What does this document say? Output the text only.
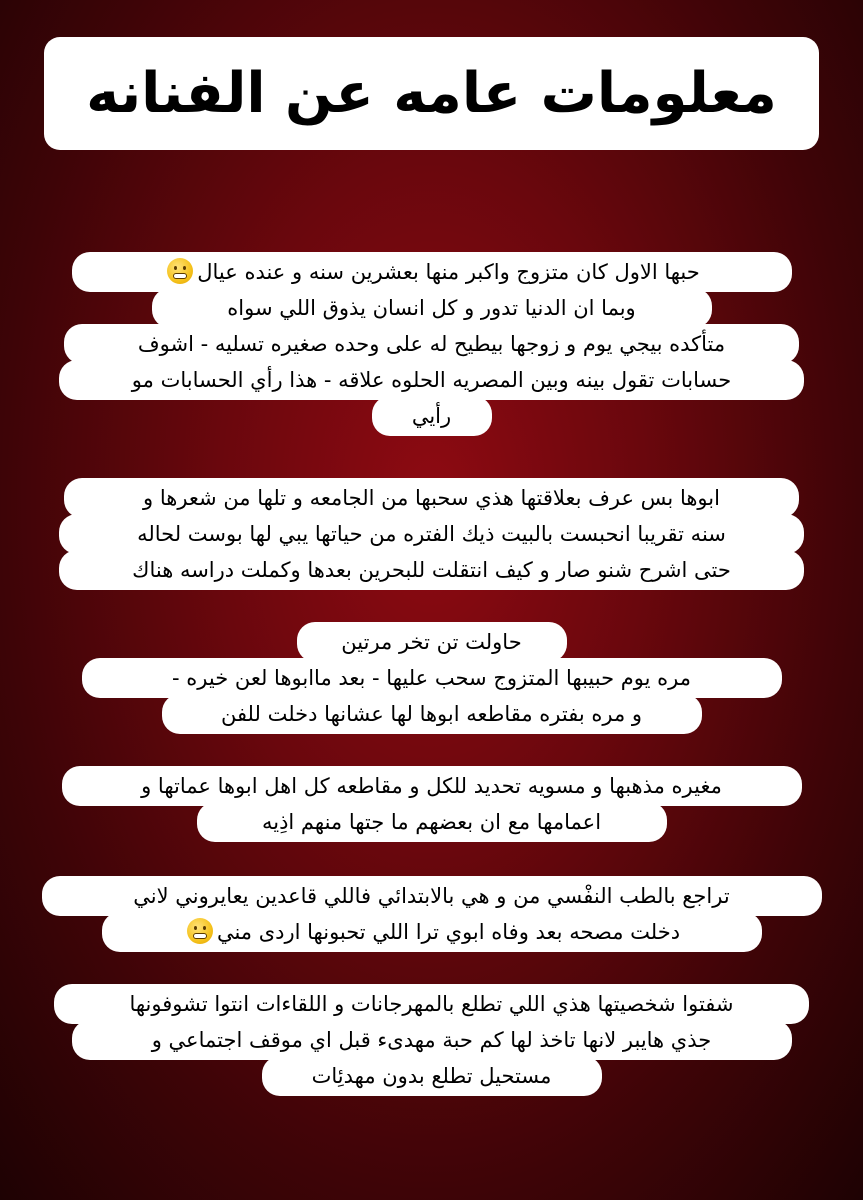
معلومات عامه عن الفنانه
حبها الاول كان متزوج واكبر منها بعشرين سنه و عنده عيال
وبما ان الدنيا تدور و كل انسان يذوق اللي سواه
متأكده بيجي يوم و زوجها بيطيح له على وحده صغيره تسليه - اشوف
حسابات تقول بينه وبين المصريه الحلوه علاقه - هذا رأي الحسابات مو
رأيي
ابوها بس عرف بعلاقتها هذي سحبها من الجامعه و تلها من شعرها و
سنه تقريبا انحبست بالبيت ذيك الفتره من حياتها يبي لها بوست لحاله
حتى اشرح شنو صار و كيف انتقلت للبحرين بعدها وكملت دراسه هناك
حاولت تن تخر مرتين
مره يوم حبيبها المتزوج سحب عليها - بعد ماابوها لعن خيره -
و مره بفتره مقاطعه ابوها لها عشانها دخلت للفن
مغيره مذهبها و مسويه تحديد للكل و مقاطعه كل اهل ابوها عماتها و
اعمامها مع ان بعضهم ما جتها منهم اذِيه
تراجع بالطب النفْسي من و هي بالابتدائي فاللي قاعدين يعايروني لاني
دخلت مصحه بعد وفاه ابوي ترا اللي تحبونها اردى مني
شفتوا شخصيتها هذي اللي تطلع بالمهرجانات و اللقاءات انتوا تشوفونها
جذي هايبر لانها تاخذ لها كم حبة مهدىء قبل اي موقف اجتماعي و
مستحيل تطلع بدون مهدئِات
